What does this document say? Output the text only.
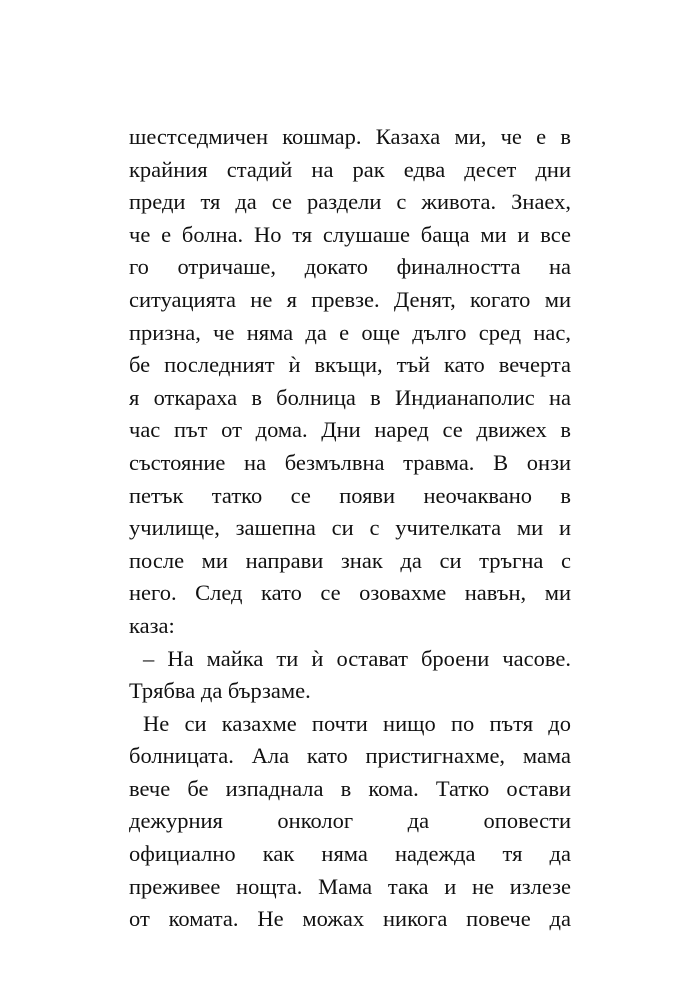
шестседмичен кошмар. Казаха ми, че е в
крайния стадий на рак едва десет дни
преди тя да се раздели с живота. Знаех,
че е болна. Но тя слушаше баща ми и все
го отричаше, докато финалността на
ситуацията не я превзе. Денят, когато ми
призна, че няма да е още дълго сред нас,
бе последният ѝ вкъщи, тъй като вечерта
я откараха в болница в Индианаполис на
час път от дома. Дни наред се движех в
състояние на безмълвна травма. В онзи
петък татко се появи неочаквано в
училище, зашепна си с учителката ми и
после ми направи знак да си тръгна с
него. След като се озовахме навън, ми
каза:
– На майка ти ѝ остават броени часове.
Трябва да бързаме.
Не си казахме почти нищо по пътя до
болницата. Ала като пристигнахме, мама
вече бе изпаднала в кома. Татко остави
дежурния онколог да оповести
официално как няма надежда тя да
преживее нощта. Мама така и не излезе
от комата. Не можах никога повече да
